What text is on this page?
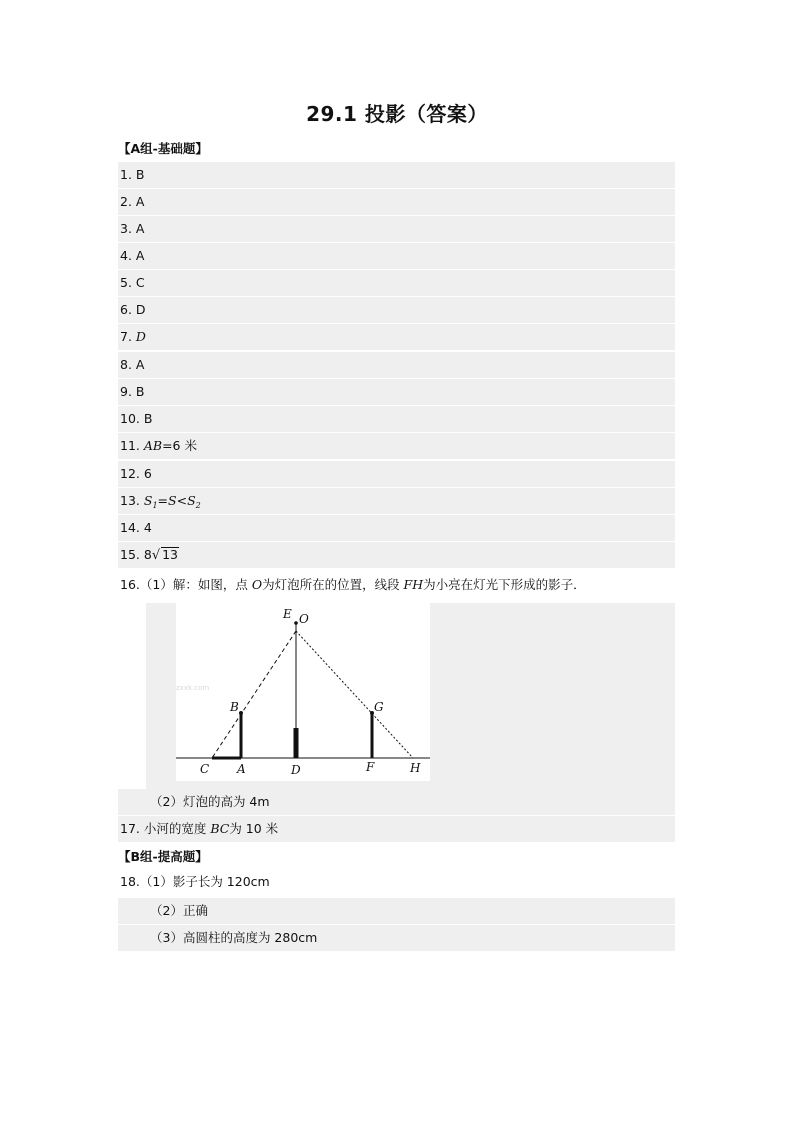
29.1 投影（答案）
【A组-基础题】
1. B
2. A
3. A
4. A
5. C
6. D
7. D
8. A
9. B
10. B
11. AB=6 米
12. 6
13. $S_1=S<S_2$
14. 4
15. 8√ 13
16.（1）解：如图，点 O为灯泡所在的位置，线段 FH为小亮在灯光下形成的影子．
E O
B	G
C A	D	F	H
zxxk.com
（2）灯泡的高为 4m
17. 小河的宽度 BC为 10 米
【B组-提高题】
18.（1）影子长为 120cm
（2）正确
（3）高圆柱的高度为 280cm
